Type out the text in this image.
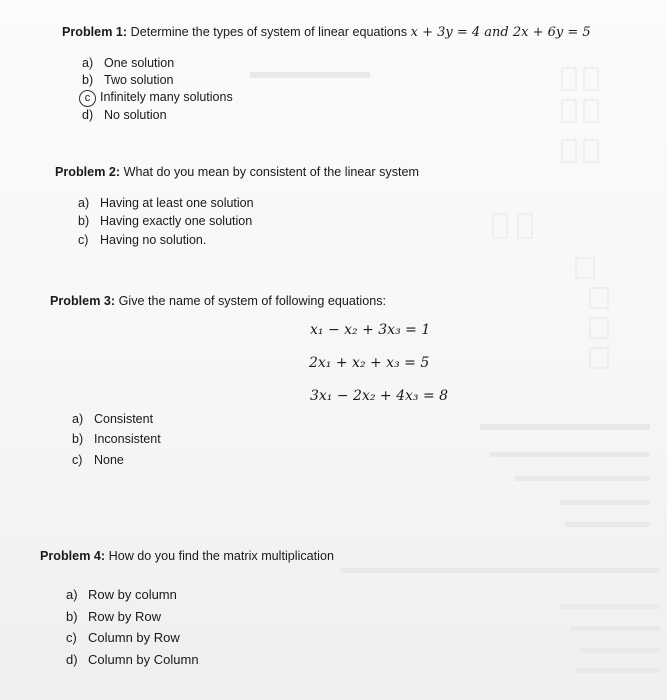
Problem 1: Determine the types of system of linear equations x + 3y = 4 and 2x + 6y = 5
a) One solution
b) Two solution
c Infinitely many solutions
d) No solution
Problem 2: What do you mean by consistent of the linear system
a) Having at least one solution
b) Having exactly one solution
c) Having no solution.
Problem 3: Give the name of system of following equations:
x₁ − x₂ + 3x₃ = 1
2x₁ + x₂ + x₃ = 5
3x₁ − 2x₂ + 4x₃ = 8
a) Consistent
b) Inconsistent
c) None
Problem 4: How do you find the matrix multiplication
a) Row by column
b) Row by Row
c) Column by Row
d) Column by Column
